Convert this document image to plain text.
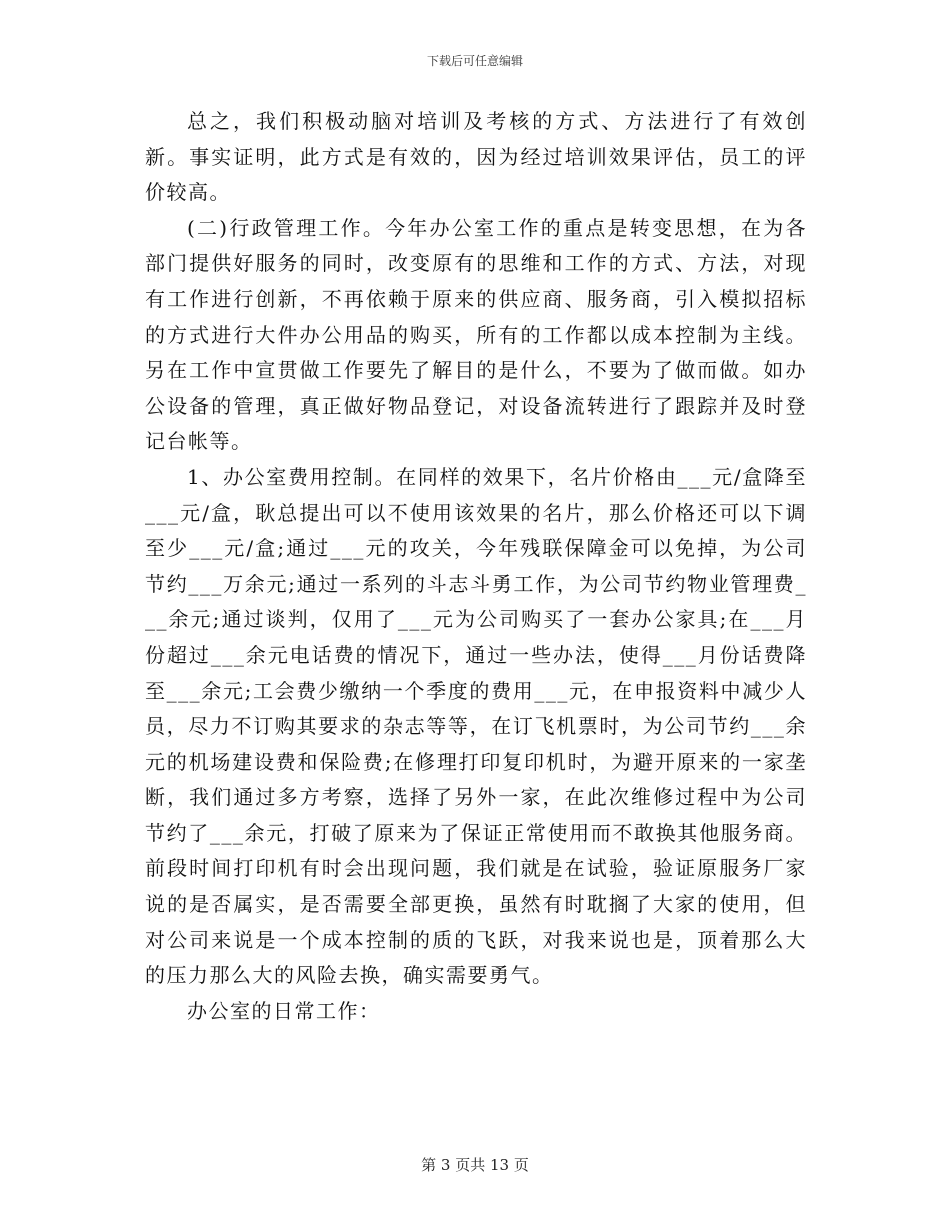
下载后可任意编辑

总之，我们积极动脑对培训及考核的方式、方法进行了有效创新。事实证明，此方式是有效的，因为经过培训效果评估，员工的评价较高。

(二)行政管理工作。今年办公室工作的重点是转变思想，在为各部门提供好服务的同时，改变原有的思维和工作的方式、方法，对现有工作进行创新，不再依赖于原来的供应商、服务商，引入模拟招标的方式进行大件办公用品的购买，所有的工作都以成本控制为主线。另在工作中宣贯做工作要先了解目的是什么，不要为了做而做。如办公设备的管理，真正做好物品登记，对设备流转进行了跟踪并及时登记台帐等。

1、办公室费用控制。在同样的效果下，名片价格由___元/盒降至___元/盒，耿总提出可以不使用该效果的名片，那么价格还可以下调至少___元/盒;通过___元的攻关，今年残联保障金可以免掉，为公司节约___万余元;通过一系列的斗志斗勇工作，为公司节约物业管理费___余元;通过谈判，仅用了___元为公司购买了一套办公家具;在___月份超过___余元电话费的情况下，通过一些办法，使得___月份话费降至___余元;工会费少缴纳一个季度的费用___元，在申报资料中减少人员，尽力不订购其要求的杂志等等，在订飞机票时，为公司节约___余元的机场建设费和保险费;在修理打印复印机时，为避开原来的一家垄断，我们通过多方考察，选择了另外一家，在此次维修过程中为公司节约了___余元，打破了原来为了保证正常使用而不敢换其他服务商。前段时间打印机有时会出现问题，我们就是在试验，验证原服务厂家说的是否属实，是否需要全部更换，虽然有时耽搁了大家的使用，但对公司来说是一个成本控制的质的飞跃，对我来说也是，顶着那么大的压力那么大的风险去换，确实需要勇气。

办公室的日常工作：

第 3 页共 13 页
